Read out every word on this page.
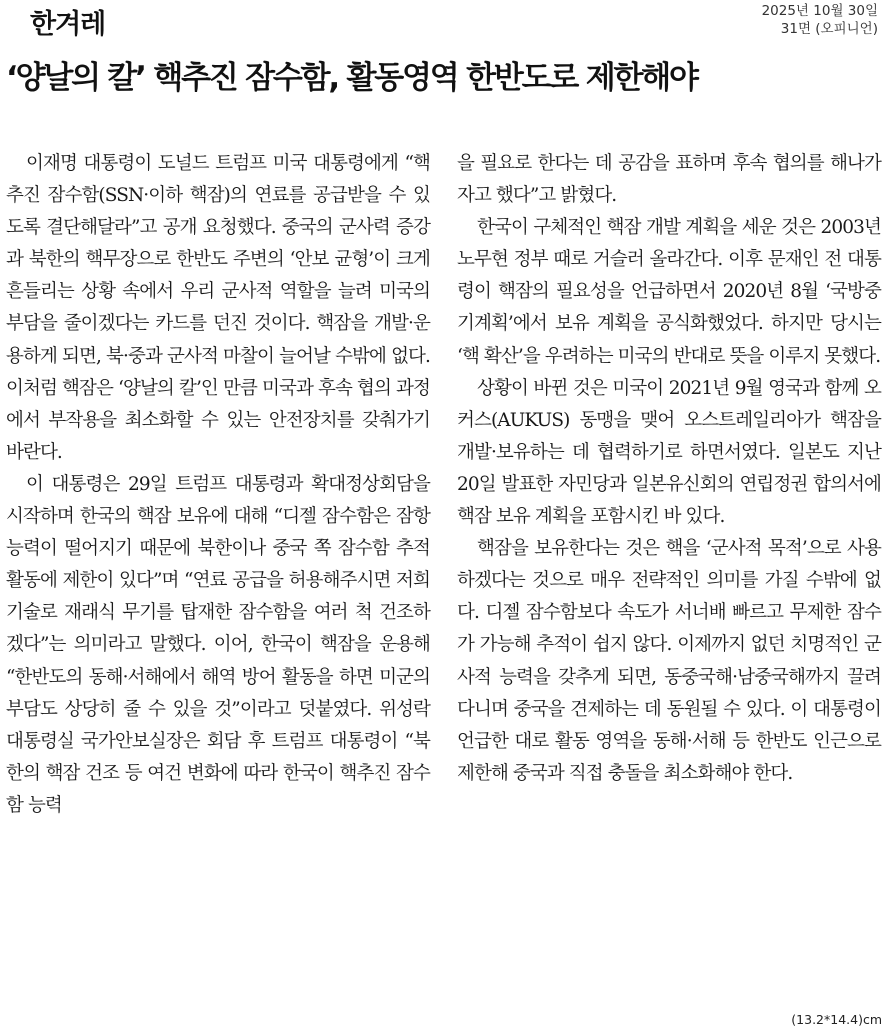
한겨레	2025년 10월 30일
31면 (오피니언)
‘양날의 칼’ 핵추진 잠수함, 활동영역 한반도로 제한해야

이재명 대통령이 도널드 트럼프 미국 대통령에게 “핵추진 잠수함(SSN·이하 핵잠)의 연료를 공급받을 수 있도록 결단해달라”고 공개 요청했다. 중국의 군사력 증강과 북한의 핵무장으로 한반도 주변의 ‘안보 균형’이 크게 흔들리는 상황 속에서 우리 군사적 역할을 늘려 미국의 부담을 줄이겠다는 카드를 던진 것이다. 핵잠을 개발·운용하게 되면, 북·중과 군사적 마찰이 늘어날 수밖에 없다. 이처럼 핵잠은 ‘양날의 칼’인 만큼 미국과 후속 협의 과정에서 부작용을 최소화할 수 있는 안전장치를 갖춰가기 바란다.

이 대통령은 29일 트럼프 대통령과 확대정상회담을 시작하며 한국의 핵잠 보유에 대해 “디젤 잠수함은 잠항 능력이 떨어지기 때문에 북한이나 중국 쪽 잠수함 추적 활동에 제한이 있다”며 “연료 공급을 허용해주시면 저희 기술로 재래식 무기를 탑재한 잠수함을 여러 척 건조하겠다”는 의미라고 말했다. 이어, 한국이 핵잠을 운용해 “한반도의 동해·서해에서 해역 방어 활동을 하면 미군의 부담도 상당히 줄 수 있을 것”이라고 덧붙였다. 위성락 대통령실 국가안보실장은 회담 후 트럼프 대통령이 “북한의 핵잠 건조 등 여건 변화에 따라 한국이 핵추진 잠수함 능력

을 필요로 한다는 데 공감을 표하며 후속 협의를 해나가자고 했다”고 밝혔다.

한국이 구체적인 핵잠 개발 계획을 세운 것은 2003년 노무현 정부 때로 거슬러 올라간다. 이후 문재인 전 대통령이 핵잠의 필요성을 언급하면서 2020년 8월 ‘국방중기계획’에서 보유 계획을 공식화했었다. 하지만 당시는 ‘핵 확산’을 우려하는 미국의 반대로 뜻을 이루지 못했다.

상황이 바뀐 것은 미국이 2021년 9월 영국과 함께 오커스(AUKUS) 동맹을 맺어 오스트레일리아가 핵잠을 개발·보유하는 데 협력하기로 하면서였다. 일본도 지난 20일 발표한 자민당과 일본유신회의 연립정권 합의서에 핵잠 보유 계획을 포함시킨 바 있다.

핵잠을 보유한다는 것은 핵을 ‘군사적 목적’으로 사용하겠다는 것으로 매우 전략적인 의미를 가질 수밖에 없다. 디젤 잠수함보다 속도가 서너배 빠르고 무제한 잠수가 가능해 추적이 쉽지 않다. 이제까지 없던 치명적인 군사적 능력을 갖추게 되면, 동중국해·남중국해까지 끌려다니며 중국을 견제하는 데 동원될 수 있다. 이 대통령이 언급한 대로 활동 영역을 동해·서해 등 한반도 인근으로 제한해 중국과 직접 충돌을 최소화해야 한다.

(13.2*14.4)cm
